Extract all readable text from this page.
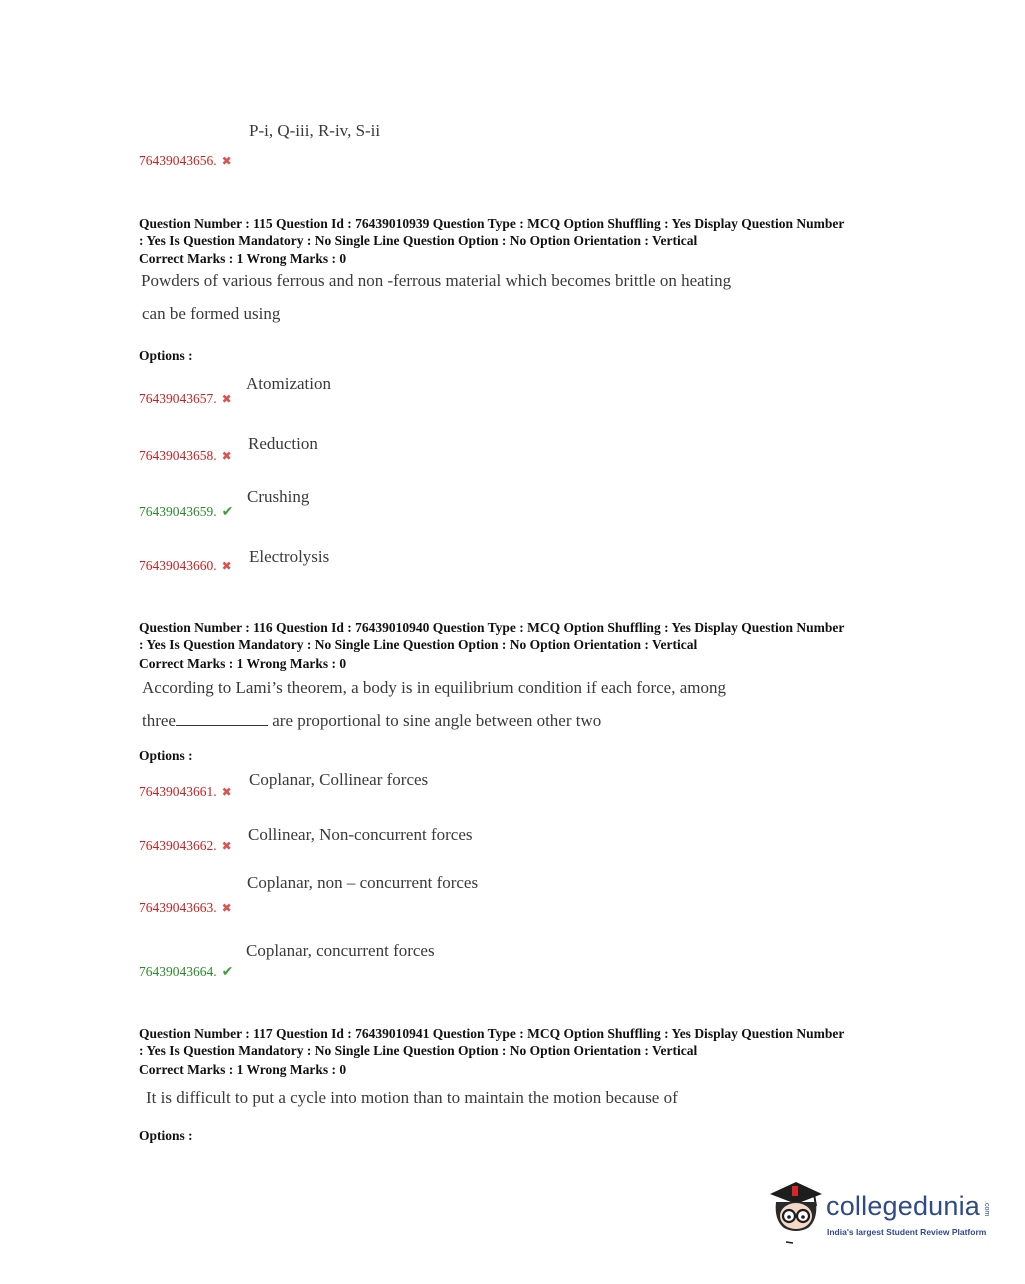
P-i, Q-iii, R-iv, S-ii
76439043656. ✖
Question Number : 115 Question Id : 76439010939 Question Type : MCQ Option Shuffling : Yes Display Question Number
: Yes Is Question Mandatory : No Single Line Question Option : No Option Orientation : Vertical
Correct Marks : 1 Wrong Marks : 0
Powders of various ferrous and non -ferrous material which becomes brittle on heating
can be formed using
Options :
Atomization
76439043657. ✖
Reduction
76439043658. ✖
Crushing
76439043659. ✔
Electrolysis
76439043660. ✖
Question Number : 116 Question Id : 76439010940 Question Type : MCQ Option Shuffling : Yes Display Question Number
: Yes Is Question Mandatory : No Single Line Question Option : No Option Orientation : Vertical
Correct Marks : 1 Wrong Marks : 0
According to Lami’s theorem, a body is in equilibrium condition if each force, among
three	are proportional to sine angle between other two
Options :
Coplanar, Collinear forces
76439043661. ✖
Collinear, Non-concurrent forces
76439043662. ✖
Coplanar, non – concurrent forces
76439043663. ✖
Coplanar, concurrent forces
76439043664. ✔
Question Number : 117 Question Id : 76439010941 Question Type : MCQ Option Shuffling : Yes Display Question Number
: Yes Is Question Mandatory : No Single Line Question Option : No Option Orientation : Vertical
Correct Marks : 1 Wrong Marks : 0
It is difficult to put a cycle into motion than to maintain the motion because of
Options :
collegedunia .com
India's largest Student Review Platform
